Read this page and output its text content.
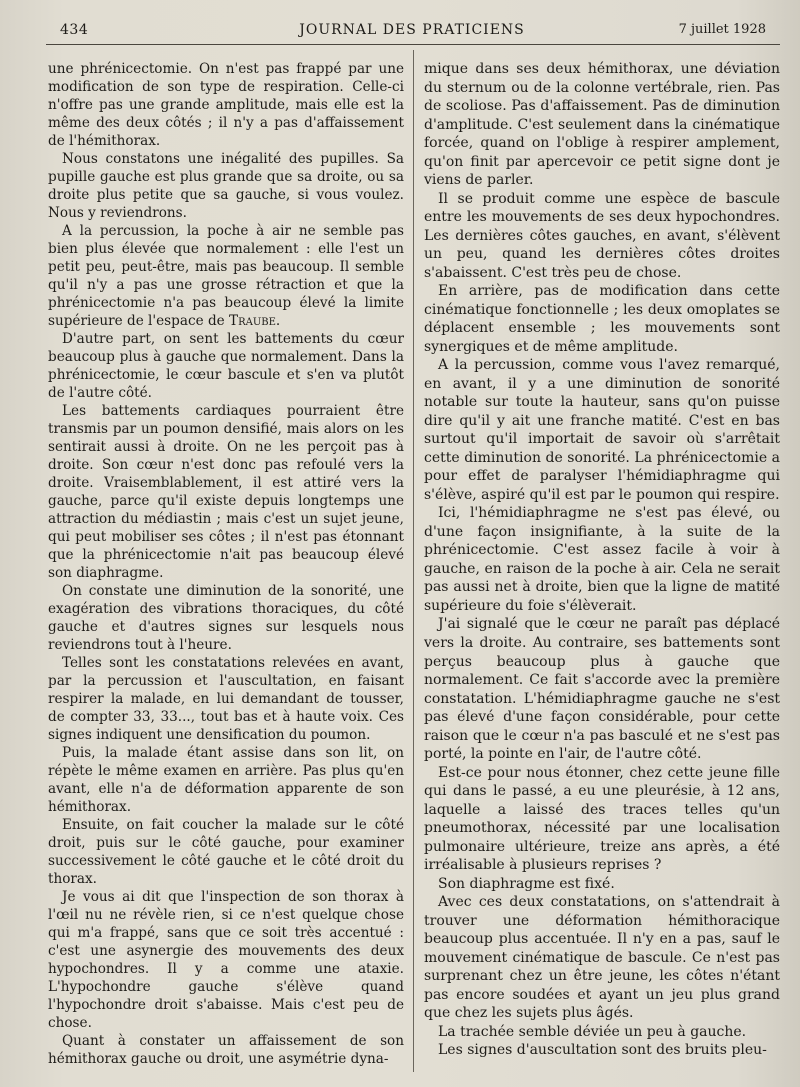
434	JOURNAL DES PRATICIENS	7 juillet 1928

une phrénicectomie. On n'est pas frappé par une modification de son type de respiration. Celle-ci n'offre pas une grande amplitude, mais elle est la même des deux côtés ; il n'y a pas d'affaissement de l'hémithorax.

Nous constatons une inégalité des pupilles. Sa pupille gauche est plus grande que sa droite, ou sa droite plus petite que sa gauche, si vous voulez. Nous y reviendrons.

A la percussion, la poche à air ne semble pas bien plus élevée que normalement : elle l'est un petit peu, peut-être, mais pas beaucoup. Il semble qu'il n'y a pas une grosse rétraction et que la phrénicectomie n'a pas beaucoup élevé la limite supérieure de l'espace de Traube.

D'autre part, on sent les battements du cœur beaucoup plus à gauche que normalement. Dans la phrénicectomie, le cœur bascule et s'en va plutôt de l'autre côté.

Les battements cardiaques pourraient être transmis par un poumon densifié, mais alors on les sentirait aussi à droite. On ne les perçoit pas à droite. Son cœur n'est donc pas refoulé vers la droite. Vraisemblablement, il est attiré vers la gauche, parce qu'il existe depuis longtemps une attraction du médiastin ; mais c'est un sujet jeune, qui peut mobiliser ses côtes ; il n'est pas étonnant que la phrénicectomie n'ait pas beaucoup élevé son diaphragme.

On constate une diminution de la sonorité, une exagération des vibrations thoraciques, du côté gauche et d'autres signes sur lesquels nous reviendrons tout à l'heure.

Telles sont les constatations relevées en avant, par la percussion et l'auscultation, en faisant respirer la malade, en lui demandant de tousser, de compter 33, 33..., tout bas et à haute voix. Ces signes indiquent une densification du poumon.

Puis, la malade étant assise dans son lit, on répète le même examen en arrière. Pas plus qu'en avant, elle n'a de déformation apparente de son hémithorax.

Ensuite, on fait coucher la malade sur le côté droit, puis sur le côté gauche, pour examiner successivement le côté gauche et le côté droit du thorax.

Je vous ai dit que l'inspection de son thorax à l'œil nu ne révèle rien, si ce n'est quelque chose qui m'a frappé, sans que ce soit très accentué : c'est une asynergie des mouvements des deux hypochondres. Il y a comme une ataxie. L'hypochondre gauche s'élève quand l'hypochondre droit s'abaisse. Mais c'est peu de chose.

Quant à constater un affaissement de son hémithorax gauche ou droit, une asymétrie dyna-

mique dans ses deux hémithorax, une déviation du sternum ou de la colonne vertébrale, rien. Pas de scoliose. Pas d'affaissement. Pas de diminution d'amplitude. C'est seulement dans la cinématique forcée, quand on l'oblige à respirer amplement, qu'on finit par apercevoir ce petit signe dont je viens de parler.

Il se produit comme une espèce de bascule entre les mouvements de ses deux hypochondres. Les dernières côtes gauches, en avant, s'élèvent un peu, quand les dernières côtes droites s'abaissent. C'est très peu de chose.

En arrière, pas de modification dans cette cinématique fonctionnelle ; les deux omoplates se déplacent ensemble ; les mouvements sont synergiques et de même amplitude.

A la percussion, comme vous l'avez remarqué, en avant, il y a une diminution de sonorité notable sur toute la hauteur, sans qu'on puisse dire qu'il y ait une franche matité. C'est en bas surtout qu'il importait de savoir où s'arrêtait cette diminution de sonorité. La phrénicectomie a pour effet de paralyser l'hémidiaphragme qui s'élève, aspiré qu'il est par le poumon qui respire.

Ici, l'hémidiaphragme ne s'est pas élevé, ou d'une façon insignifiante, à la suite de la phrénicectomie. C'est assez facile à voir à gauche, en raison de la poche à air. Cela ne serait pas aussi net à droite, bien que la ligne de matité supérieure du foie s'élèverait.

J'ai signalé que le cœur ne paraît pas déplacé vers la droite. Au contraire, ses battements sont perçus beaucoup plus à gauche que normalement. Ce fait s'accorde avec la première constatation. L'hémidiaphragme gauche ne s'est pas élevé d'une façon considérable, pour cette raison que le cœur n'a pas basculé et ne s'est pas porté, la pointe en l'air, de l'autre côté.

Est-ce pour nous étonner, chez cette jeune fille qui dans le passé, a eu une pleurésie, à 12 ans, laquelle a laissé des traces telles qu'un pneumothorax, nécessité par une localisation pulmonaire ultérieure, treize ans après, a été irréalisable à plusieurs reprises ?

Son diaphragme est fixé.

Avec ces deux constatations, on s'attendrait à trouver une déformation hémithoracique beaucoup plus accentuée. Il n'y en a pas, sauf le mouvement cinématique de bascule. Ce n'est pas surprenant chez un être jeune, les côtes n'étant pas encore soudées et ayant un jeu plus grand que chez les sujets plus âgés.

La trachée semble déviée un peu à gauche.

Les signes d'auscultation sont des bruits pleu-
